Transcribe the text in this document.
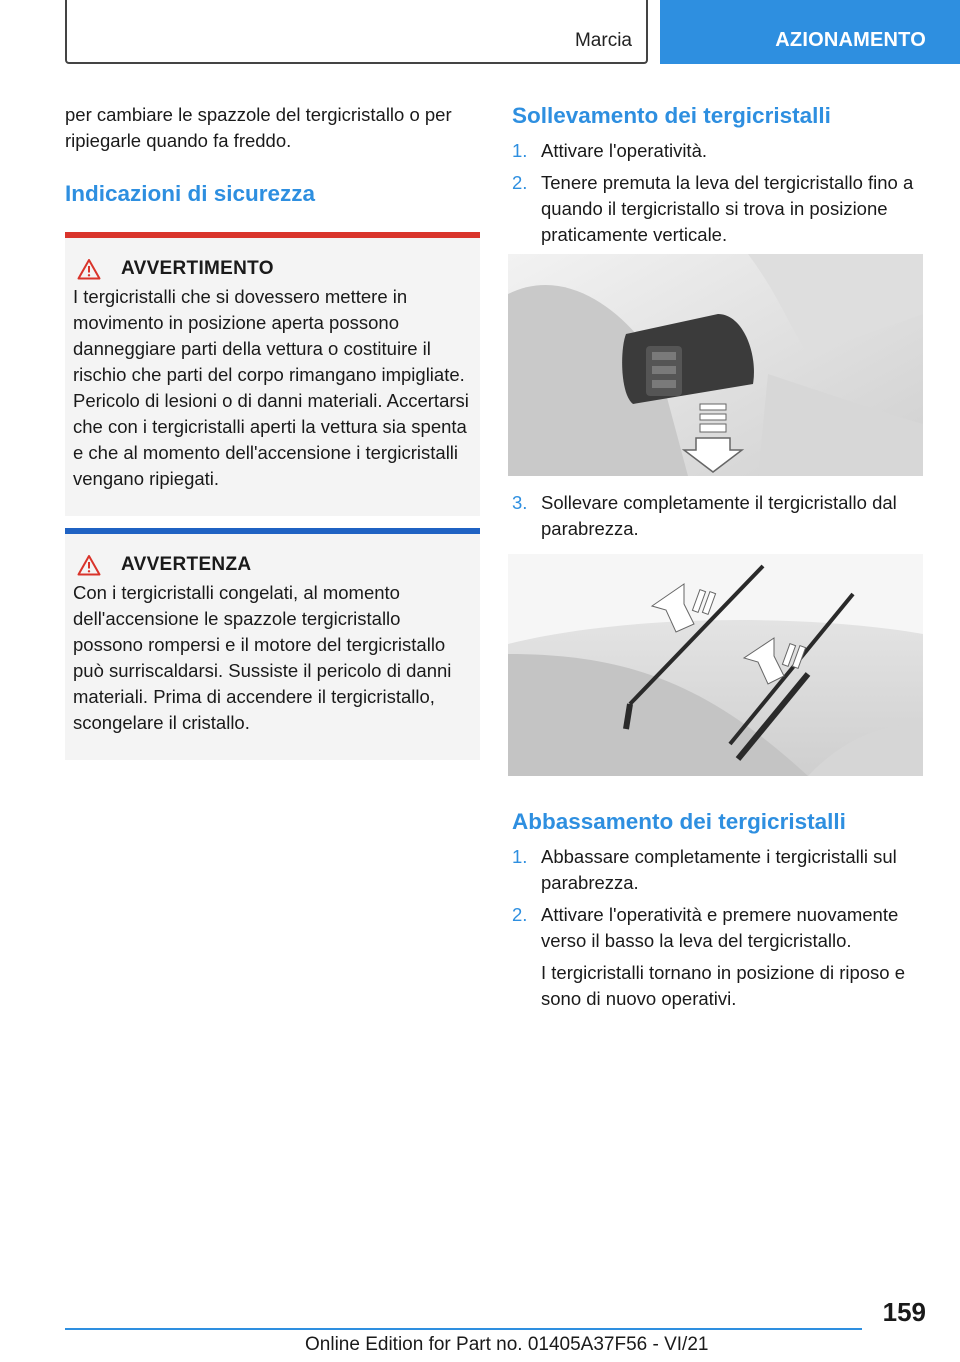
Marcia	AZIONAMENTO

per cambiare le spazzole del tergicristallo o per ripiegarle quando fa freddo.

Indicazioni di sicurezza
AVVERTIMENTO

I tergicristalli che si dovessero mettere in movimento in posizione aperta possono danneggiare parti della vettura o costituire il rischio che parti del corpo rimangano impigliate. Pericolo di lesioni o di danni materiali. Accertarsi che con i tergicristalli aperti la vettura sia spenta e che al momento dell'accensione i tergicristalli vengano ripiegati.

AVVERTENZA

Con i tergicristalli congelati, al momento dell'accensione le spazzole tergicristallo possono rompersi e il motore del tergicristallo può surriscaldarsi. Sussiste il pericolo di danni materiali. Prima di accendere il tergicristallo, scongelare il cristallo.

Sollevamento dei tergicristalli
1. Attivare l'operatività.
2. Tenere premuta la leva del tergicristallo fino a quando il tergicristallo si trova in posizione praticamente verticale.
3. Sollevare completamente il tergicristallo dal parabrezza.
Abbassamento dei tergicristalli
1. Abbassare completamente i tergicristalli sul parabrezza.
2. Attivare l'operatività e premere nuovamente verso il basso la leva del tergicristallo.

I tergicristalli tornano in posizione di riposo e sono di nuovo operativi.

159
Online Edition for Part no. 01405A37F56 - VI/21
